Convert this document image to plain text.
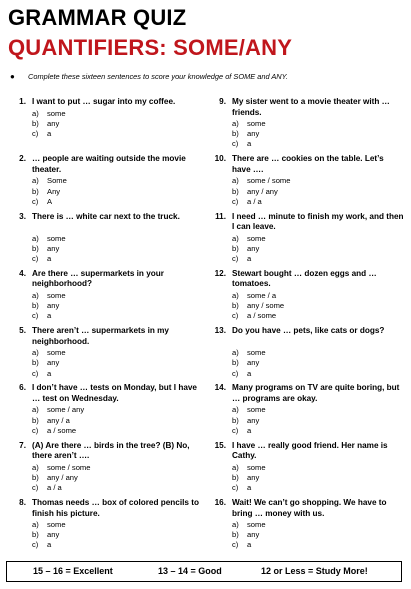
GRAMMAR QUIZ
QUANTIFIERS: SOME/ANY
● Complete these sixteen sentences to score your knowledge of SOME and ANY.
1. I want to put … sugar into my coffee.
a) some
b) any
c) a
2. … people are waiting outside the movie theater.
a) Some
b) Any
c) A
3. There is … white car next to the truck.
a) some
b) any
c) a
4. Are there … supermarkets in your neighborhood?
a) some
b) any
c) a
5. There aren’t … supermarkets in my neighborhood.
a) some
b) any
c) a
6. I don’t have … tests on Monday, but I have … test on Wednesday.
a) some / any
b) any / a
c) a / some
7. (A) Are there … birds in the tree? (B) No, there aren’t ….
a) some / some
b) any / any
c) a / a
8. Thomas needs … box of colored pencils to finish his picture.
a) some
b) any
c) a
9. My sister went to a movie theater with … friends.
a) some
b) any
c) a
10. There are … cookies on the table. Let’s have ….
a) some / some
b) any / any
c) a / a
11. I need … minute to finish my work, and then I can leave.
a) some
b) any
c) a
12. Stewart bought … dozen eggs and … tomatoes.
a) some / a
b) any / some
c) a / some
13. Do you have … pets, like cats or dogs?
a) some
b) any
c) a
14. Many programs on TV are quite boring, but … programs are okay.
a) some
b) any
c) a
15. I have … really good friend. Her name is Cathy.
a) some
b) any
c) a
16. Wait! We can’t go shopping. We have to bring … money with us.
a) some
b) any
c) a
15 – 16 = Excellent	13 – 14 = Good	12 or Less = Study More!
